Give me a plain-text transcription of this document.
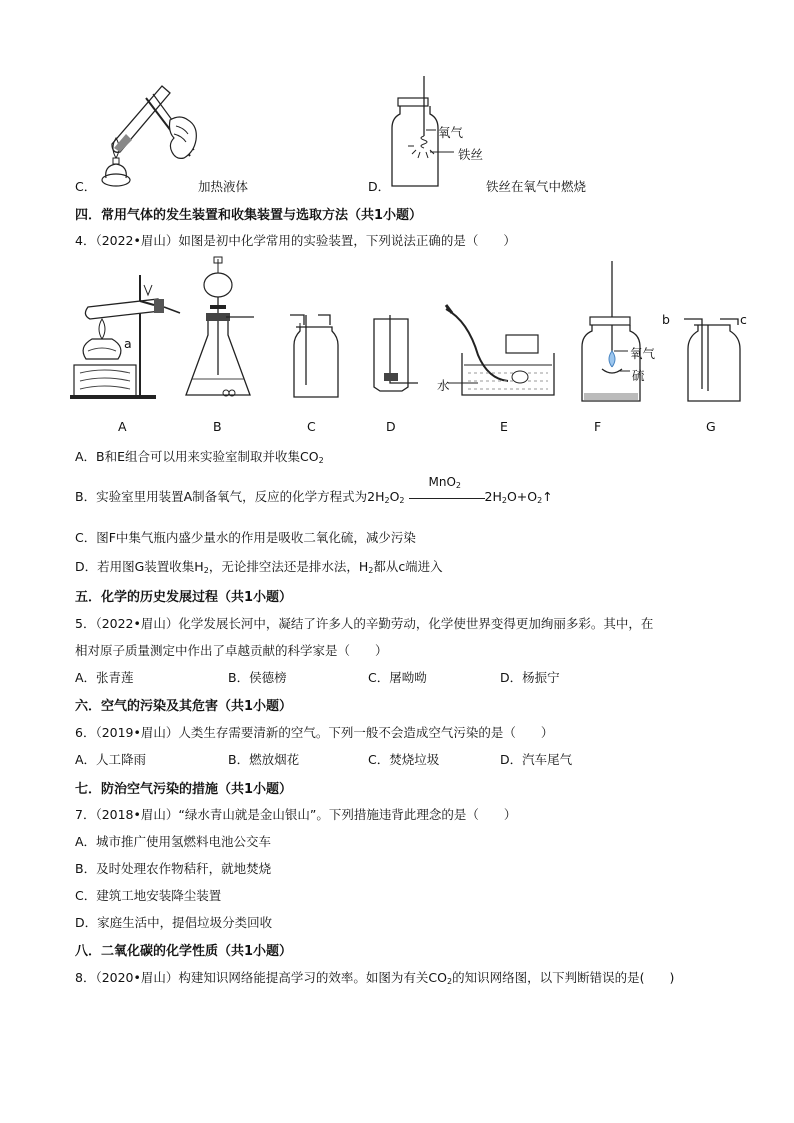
C．	加热液体
氧气
铁丝
D．	铁丝在氧气中燃烧
四．常用气体的发生装置和收集装置与选取方法（共1小题）
4．（2022•眉山）如图是初中化学常用的实验装置，下列说法正确的是（　　）
a
水
氧气
硫
b	c
A	B	C	D	E	F	G
A．B和E组合可以用来实验室制取并收集$CO_2$
B．实验室里用装置A制备氧气，反应的化学方程式为$2H_2O_2$
MnO$_2$
$2H_2O+O_2↑$
C．图F中集气瓶内盛少量水的作用是吸收二氧化硫，减少污染
D．若用图G装置收集$H_2$，无论排空法还是排水法，$H_2$都从c端进入
五．化学的历史发展过程（共1小题）
5．（2022•眉山）化学发展长河中，凝结了许多人的辛勤劳动，化学使世界变得更加绚丽多彩。其中，在
相对原子质量测定中作出了卓越贡献的科学家是（　　）
A．张青莲	B．侯德榜	C．屠呦呦	D．杨振宁
六．空气的污染及其危害（共1小题）
6．（2019•眉山）人类生存需要清新的空气。下列一般不会造成空气污染的是（　　）
A．人工降雨	B．燃放烟花	C．焚烧垃圾	D．汽车尾气
七．防治空气污染的措施（共1小题）
7．（2018•眉山）“绿水青山就是金山银山”。下列措施违背此理念的是（　　）
A．城市推广使用氢燃料电池公交车
B．及时处理农作物秸秆，就地焚烧
C．建筑工地安装降尘装置
D．家庭生活中，提倡垃圾分类回收
八．二氧化碳的化学性质（共1小题）
8．（2020•眉山）构建知识网络能提高学习的效率。如图为有关$CO_2$的知识网络图，以下判断错误的是(　　)
